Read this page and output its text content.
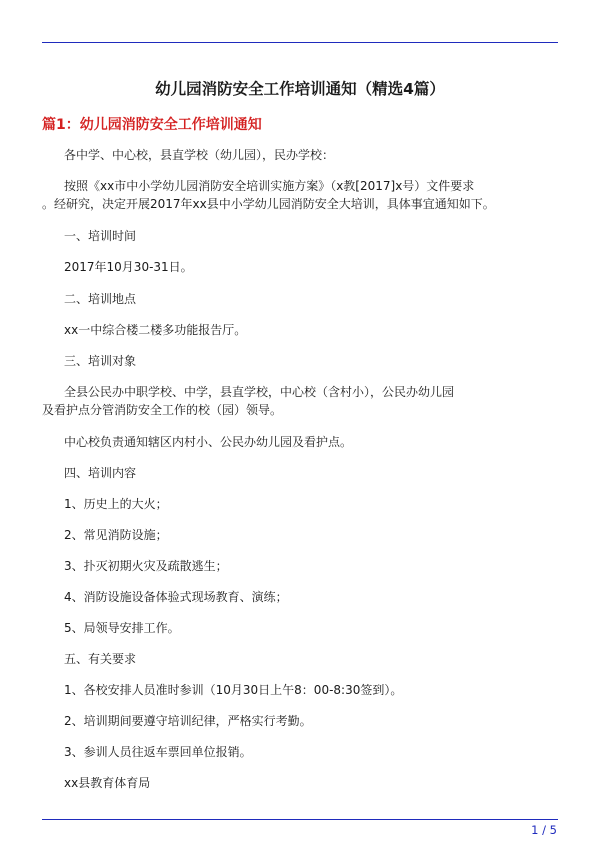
幼儿园消防安全工作培训通知（精选4篇）
篇1：幼儿园消防安全工作培训通知
各中学、中心校，县直学校（幼儿园），民办学校：
按照《xx市中小学幼儿园消防安全培训实施方案》（x教[2017]x号）文件要求
。经研究，决定开展2017年xx县中小学幼儿园消防安全大培训，具体事宜通知如下。
一、培训时间
2017年10月30-31日。
二、培训地点
xx一中综合楼二楼多功能报告厅。
三、培训对象
全县公民办中职学校、中学，县直学校，中心校（含村小），公民办幼儿园
及看护点分管消防安全工作的校（园）领导。
中心校负责通知辖区内村小、公民办幼儿园及看护点。
四、培训内容
1、历史上的大火；
2、常见消防设施；
3、扑灭初期火灾及疏散逃生；
4、消防设施设备体验式现场教育、演练；
5、局领导安排工作。
五、有关要求
1、各校安排人员准时参训（10月30日上午8：00-8:30签到）。
2、培训期间要遵守培训纪律，严格实行考勤。
3、参训人员往返车票回单位报销。
xx县教育体育局
1 / 5
